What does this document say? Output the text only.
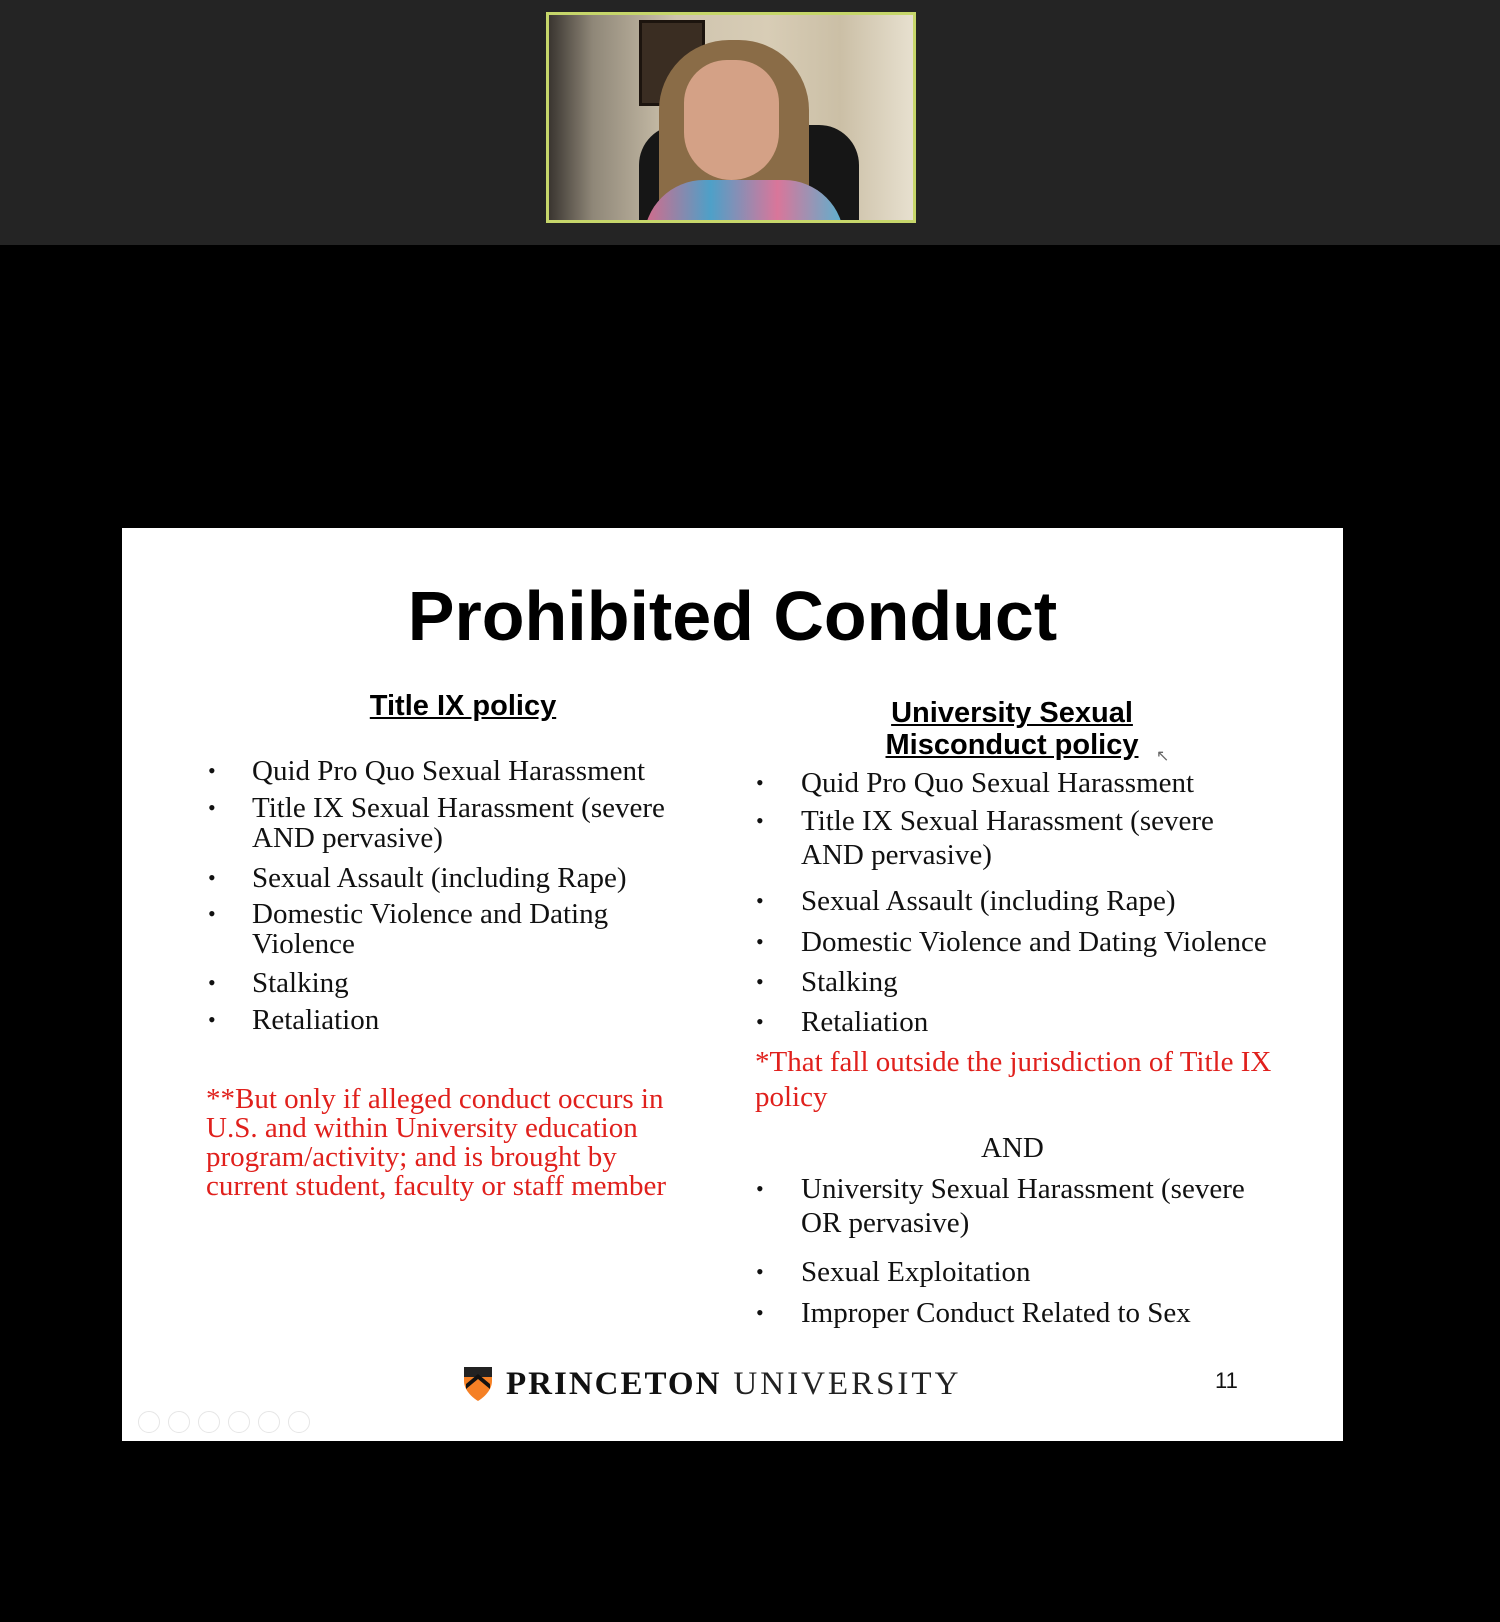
Prohibited Conduct
Title IX policy	University Sexual
Misconduct policy ↖
PRINCETON UNIVERSITY	11
• Quid Pro Quo Sexual Harassment
• Title IX Sexual Harassment (severe
AND pervasive)
• Sexual Assault (including Rape)
• Domestic Violence and Dating
Violence
• Stalking
• Retaliation
**But only if alleged conduct occurs in
U.S. and within University education
program/activity; and is brought by
current student, faculty or staff member
• Quid Pro Quo Sexual Harassment
• Title IX Sexual Harassment (severe
AND pervasive)
• Sexual Assault (including Rape)
• Domestic Violence and Dating Violence
• Stalking
• Retaliation
*That fall outside the jurisdiction of Title IX
policy
AND
• University Sexual Harassment (severe
OR pervasive)
• Sexual Exploitation
• Improper Conduct Related to Sex
